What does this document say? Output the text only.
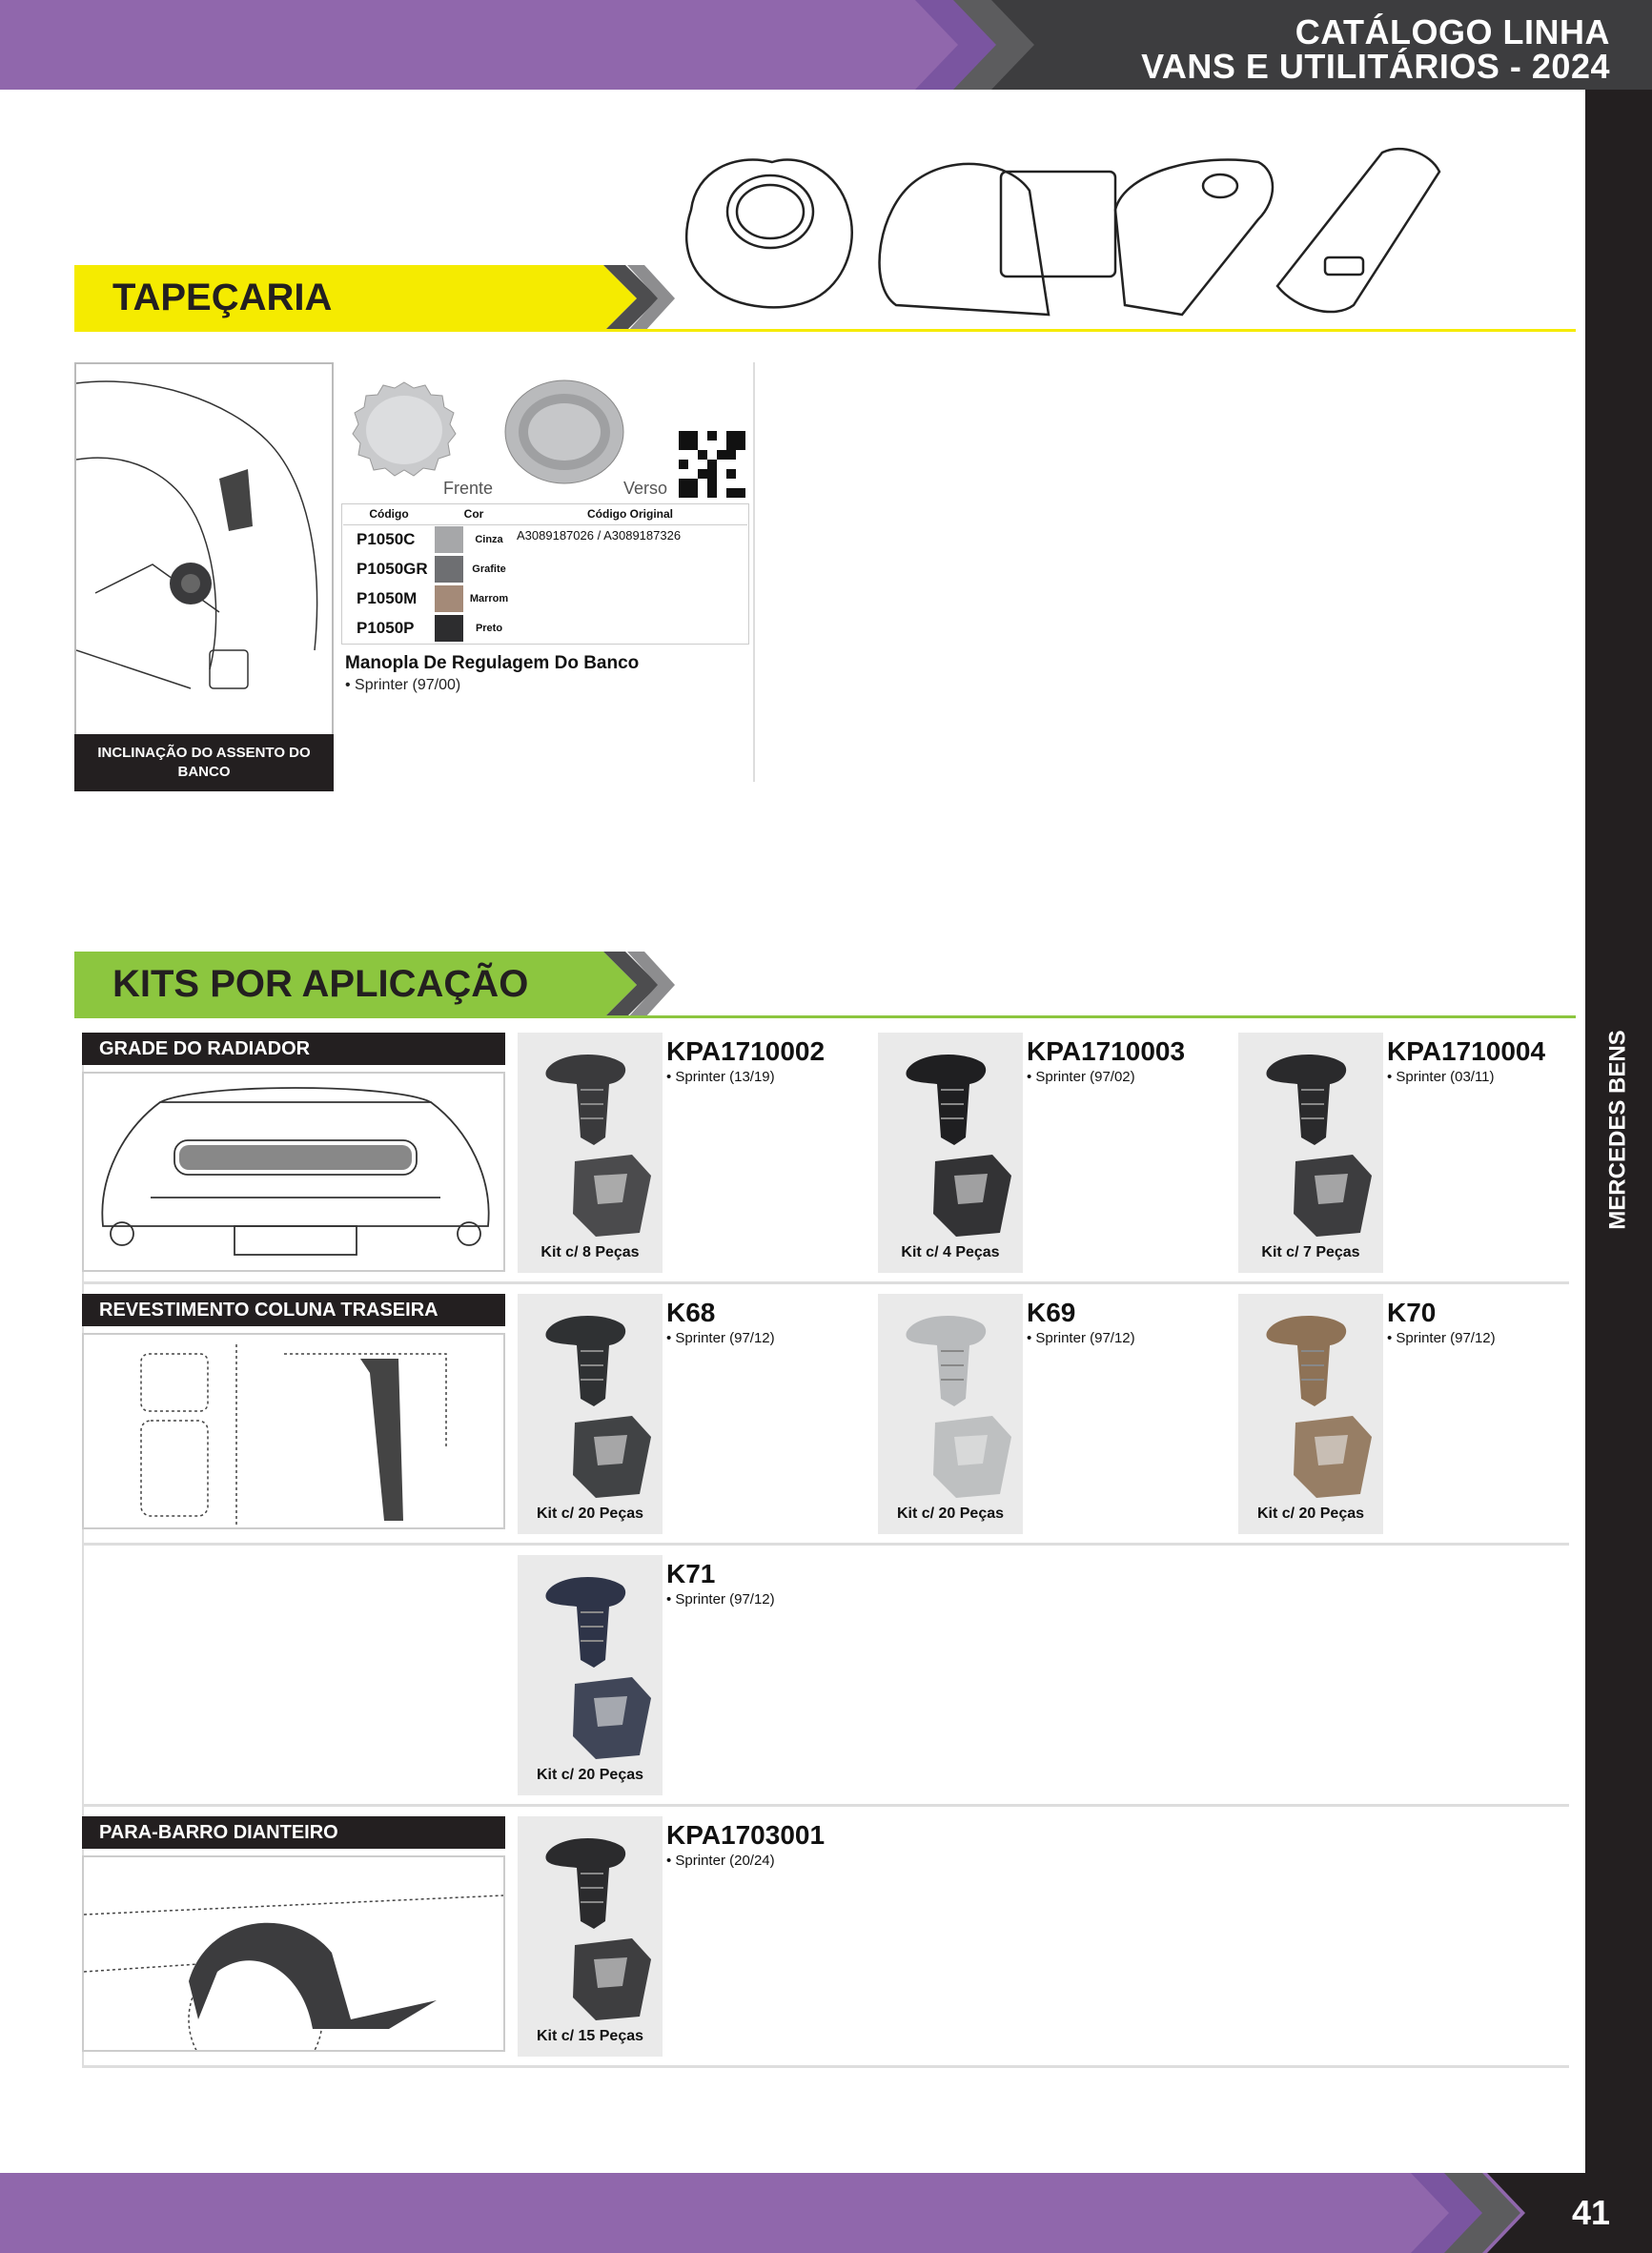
CATÁLOGO LINHA
VANS E UTILITÁRIOS - 2024
MERCEDES BENS
TAPEÇARIA
INCLINAÇÃO DO ASSENTO DO BANCO
Frente	Verso
Código	Cor		Código Original
P1050C		Cinza	A3089187026 / A3089187326
P1050GR		Grafite	
P1050M		Marrom	
P1050P		Preto	
Manopla De Regulagem Do Banco
• Sprinter (97/00)
KITS POR APLICAÇÃO
GRADE DO RADIADOR
REVESTIMENTO COLUNA TRASEIRA
PARA-BARRO DIANTEIRO
Kit c/ 8 Peças
KPA1710002
• Sprinter (13/19)
Kit c/ 4 Peças
KPA1710003
• Sprinter (97/02)
Kit c/ 7 Peças
KPA1710004
• Sprinter (03/11)
Kit c/ 20 Peças
K68
• Sprinter (97/12)
Kit c/ 20 Peças
K69
• Sprinter (97/12)
Kit c/ 20 Peças
K70
• Sprinter (97/12)
Kit c/ 20 Peças
K71
• Sprinter (97/12)
Kit c/ 15 Peças
KPA1703001
• Sprinter (20/24)
41
